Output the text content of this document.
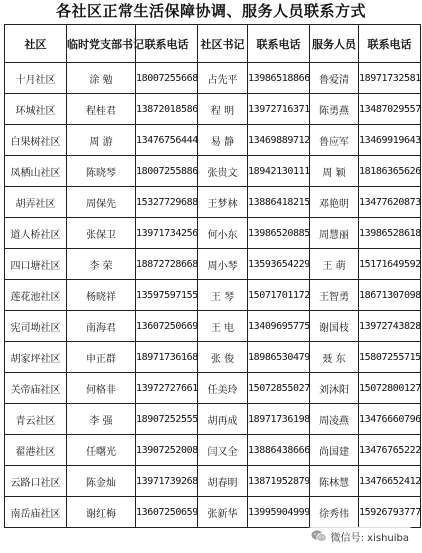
各社区正常生活保障协调、服务人员联系方式
社区	临时党支部书记	联系电话	社区书记	联系电话	服务人员	联系电话
十月社区	涂 勉	18007255668	占先平	13986518866	鲁爱清	18971732581
环城社区	程桂君	13872018586	程 明	13972716371	陈勇燕	13487029557
白果树社区	周 游	13476756444	易 静	13469889712	鲁应军	13469919643
凤栖山社区	陈晓琴	18007255886	张贵文	18942130111	周 颖	18186365626
胡弄社区	周保先	15327729688	王梦林	13886418215	邓艳明	13477620873
道人桥社区	张保卫	13971734256	何小东	13986520885	周慧丽	13986528618
四口塘社区	李 荣	18872728668	周小琴	13593654229	王 萌	15171649592
莲花池社区	杨晓祥	13597597155	王 琴	15071701172	王智勇	18671307098
宪司坳社区	南海君	13607250669	王 电	13409695775	谢国枝	13972743828
胡家坪社区	申正群	18971736168	张 俊	18986530479	聂 东	15807255715
关帝庙社区	何格非	13972727661	任美玲	15072855027	刘沐阳	15072800127
青云社区	李 强	18907252555	胡再成	18971736198	周凌燕	13476660796
翟港社区	任曙光	13907252008	闫又全	13886438666	尚国建	13476765222
云路口社区	陈金灿	13971739268	胡春明	13871952879	陈林慧	13476652412
南岳庙社区	谢红梅	13607250659	张新华	13995904999	徐秀伟	15926793777
微信号: xishuiba
